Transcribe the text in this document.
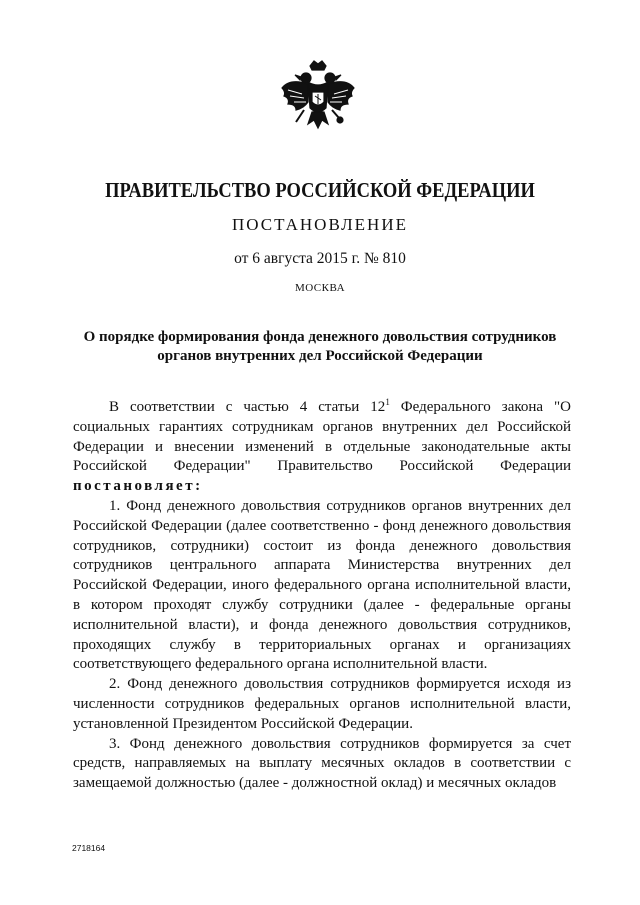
ПРАВИТЕЛЬСТВО РОССИЙСКОЙ ФЕДЕРАЦИИ
ПОСТАНОВЛЕНИЕ
от 6 августа 2015 г. № 810
МОСКВА
О порядке формирования фонда денежного довольствия сотрудников органов внутренних дел Российской Федерации

В соответствии с частью 4 статьи $12^1$ Федерального закона "О социальных гарантиях сотрудникам органов внутренних дел Российской Федерации и внесении изменений в отдельные законодательные акты Российской Федерации" Правительство Российской Федерации постановляет:

1. Фонд денежного довольствия сотрудников органов внутренних дел Российской Федерации (далее соответственно - фонд денежного довольствия сотрудников, сотрудники) состоит из фонда денежного довольствия сотрудников центрального аппарата Министерства внутренних дел Российской Федерации, иного федерального органа исполнительной власти, в котором проходят службу сотрудники (далее - федеральные органы исполнительной власти), и фонда денежного довольствия сотрудников, проходящих службу в территориальных органах и организациях соответствующего федерального органа исполнительной власти.

2. Фонд денежного довольствия сотрудников формируется исходя из численности сотрудников федеральных органов исполнительной власти, установленной Президентом Российской Федерации.

3. Фонд денежного довольствия сотрудников формируется за счет средств, направляемых на выплату месячных окладов в соответствии с замещаемой должностью (далее - должностной оклад) и месячных окладов

2718164
